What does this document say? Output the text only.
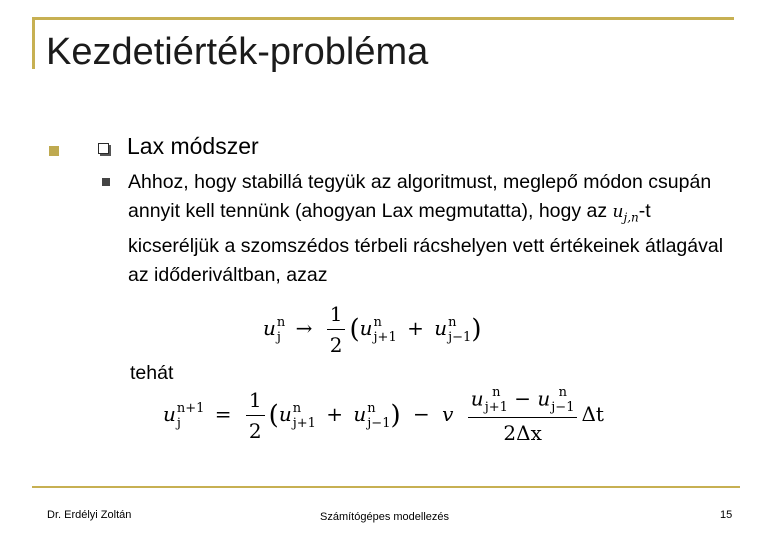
Kezdetiérték-probléma
Lax módszer
Ahhoz, hogy stabillá tegyük az algoritmust, meglepő módon csupán annyit kell tennünk (ahogyan Lax megmutatta), hogy az $u_{j,n}-t$ kicseréljük a szomszédos térbeli rácshelyen vett értékeinek átlagával az időderiváltban, azaz
u n
$j \to \frac{1}{2} (u$ n
j+1 + u n
j−1 )
tehát
u n+1
j	= $\frac{1}{2} (u$ n
j+1 + u n
j−1 ) − v u n
j+1 − u n
j−1
2Δx Δt
Dr. Erdélyi Zoltán	Számítógépes modellezés	15
